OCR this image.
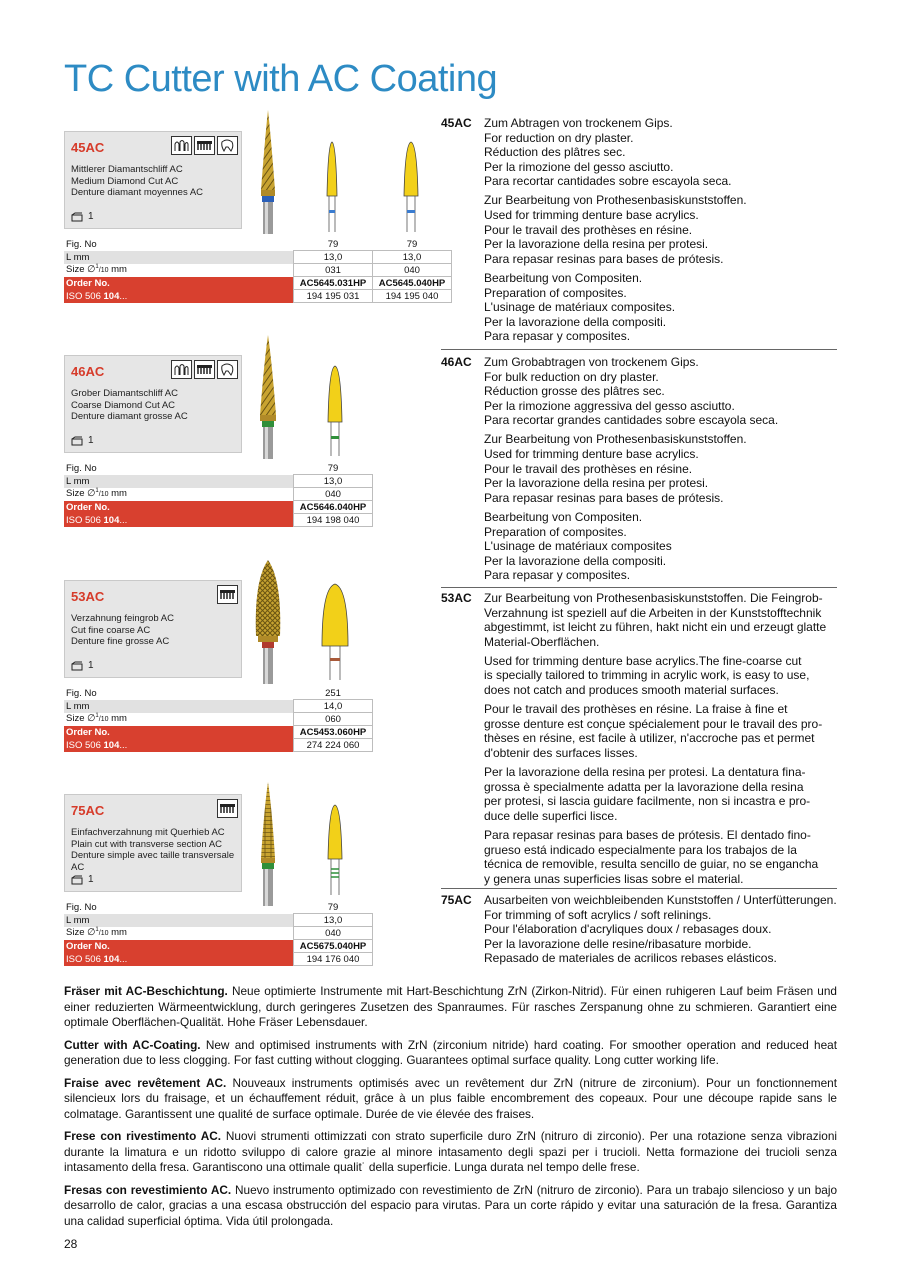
TC Cutter with AC Coating
45AC
Mittlerer Diamantschliff AC
Medium Diamond Cut AC
Denture diamant moyennes AC
1
46AC
Grober Diamantschliff AC
Coarse Diamond Cut AC
Denture diamant grosse AC
1
53AC
Verzahnung feingrob AC
Cut fine coarse AC
Denture fine grosse AC
1
75AC
Einfachverzahnung mit Querhieb AC
Plain cut with transverse section AC
Denture simple avec taille transversale AC
1
Fig. No	79	79
L mm	13,0	13,0
Size ∅$^1$/10 mm	031	040
Order No.	AC5645.031HP	AC5645.040HP
ISO 506 104...	194 195 031	194 195 040
Fig. No	79
L mm	13,0
Size ∅$^1$/10 mm	040
Order No.	AC5646.040HP
ISO 506 104...	194 198 040
Fig. No	251
L mm	14,0
Size ∅$^1$/10 mm	060
Order No.	AC5453.060HP
ISO 506 104...	274 224 060
Fig. No	79
L mm	13,0
Size ∅$^1$/10 mm	040
Order No.	AC5675.040HP
ISO 506 104...	194 176 040
45AC Zum Abtragen von trockenem Gips.
For reduction on dry plaster.
Réduction des plâtres sec.
Per la rimozione del gesso asciutto.
Para recortar cantidades sobre escayola seca.

Zur Bearbeitung von Prothesenbasiskunststoffen.
Used for trimming denture base acrylics.
Pour le travail des prothèses en résine.
Per la lavorazione della resina per protesi.
Para repasar resinas para bases de prótesis.

Bearbeitung von Compositen.
Preparation of composites.
L'usinage de matériaux composites.
Per la lavorazione della compositi.
Para repasar y composites.

46AC Zum Grobabtragen von trockenem Gips.
For bulk reduction on dry plaster.
Réduction grosse des plâtres sec.
Per la rimozione aggressiva del gesso asciutto.
Para recortar grandes cantidades sobre escayola seca.

Zur Bearbeitung von Prothesenbasiskunststoffen.
Used for trimming denture base acrylics.
Pour le travail des prothèses en résine.
Per la lavorazione della resina per protesi.
Para repasar resinas para bases de prótesis.

Bearbeitung von Compositen.
Preparation of composites.
L'usinage de matériaux composites
Per la lavorazione della compositi.
Para repasar y composites.

53AC Zur Bearbeitung von Prothesenbasiskunststoffen. Die Feingrob-
Verzahnung ist speziell auf die Arbeiten in der Kunststofftechnik
abgestimmt, ist leicht zu führen, hakt nicht ein und erzeugt glatte
Material-Oberflächen.

Used for trimming denture base acrylics.The fine-coarse cut
is specially tailored to trimming in acrylic work, is easy to use,
does not catch and produces smooth material surfaces.

Pour le travail des prothèses en résine. La fraise à fine et
grosse denture est conçue spécialement pour le travail des pro-
thèses en résine, est facile à utilizer, n'accroche pas et permet
d'obtenir des surfaces lisses.

Per la lavorazione della resina per protesi. La dentatura fina-
grossa è specialmente adatta per la lavorazione della resina
per protesi, si lascia guidare facilmente, non si incastra e pro-
duce delle superfici lisce.

Para repasar resinas para bases de prótesis. El dentado fino-
grueso está indicado especialmente para los trabajos de la
técnica de removible, resulta sencillo de guiar, no se engancha
y genera unas superficies lisas sobre el material.

75AC Ausarbeiten von weichbleibenden Kunststoffen / Unterfütterungen.
For trimming of soft acrylics / soft relinings.
Pour l'élaboration d'acryliques doux / rebasages doux.
Per la lavorazione delle resine/ribasature morbide.
Repasado de materiales de acrilicos rebases elásticos.

Fräser mit AC-Beschichtung. Neue optimierte Instrumente mit Hart-Beschichtung ZrN (Zirkon-Nitrid). Für einen ruhigeren Lauf beim Fräsen und einer reduzierten Wärmeentwicklung, durch geringeres Zusetzen des Spanraumes. Für rasches Zerspanung ohne zu schmieren. Garantiert eine optimale Oberflächen-Qualität. Hohe Fräser Lebensdauer.

Cutter with AC-Coating. New and optimised instruments with ZrN (zirconium nitride) hard coating. For smoother operation and reduced heat generation due to less clogging. For fast cutting without clogging. Guarantees optimal surface quality. Long cutter working life.

Fraise avec revêtement AC. Nouveaux instruments optimisés avec un revêtement dur ZrN (nitrure de zirconium). Pour un fonctionnement silencieux lors du fraisage, et un échauffement réduit, grâce à un plus faible encombrement des copeaux. Pour une découpe rapide sans le colmatage. Garantissent une qualité de surface optimale. Durée de vie élevée des fraises.

Frese con rivestimento AC. Nuovi strumenti ottimizzati con strato superficile duro ZrN (nitruro di zirconio). Per una rotazione senza vibrazioni durante la limatura e un ridotto sviluppo di calore grazie al minore intasamento degli spazi per i trucioli. Netta formazione dei trucioli senza intasamento della fresa. Garantiscono una ottimale qualit˙ della superficie. Lunga durata nel tempo delle frese.

Fresas con revestimiento AC. Nuevo instrumento optimizado con revestimiento de ZrN (nitruro de zirconio). Para un trabajo silencioso y un bajo desarrollo de calor, gracias a una escasa obstrucción del espacio para virutas. Para un corte rápido y evitar una saturación de la fresa. Garantiza una calidad superficial óptima. Vida útil prolongada.

28
